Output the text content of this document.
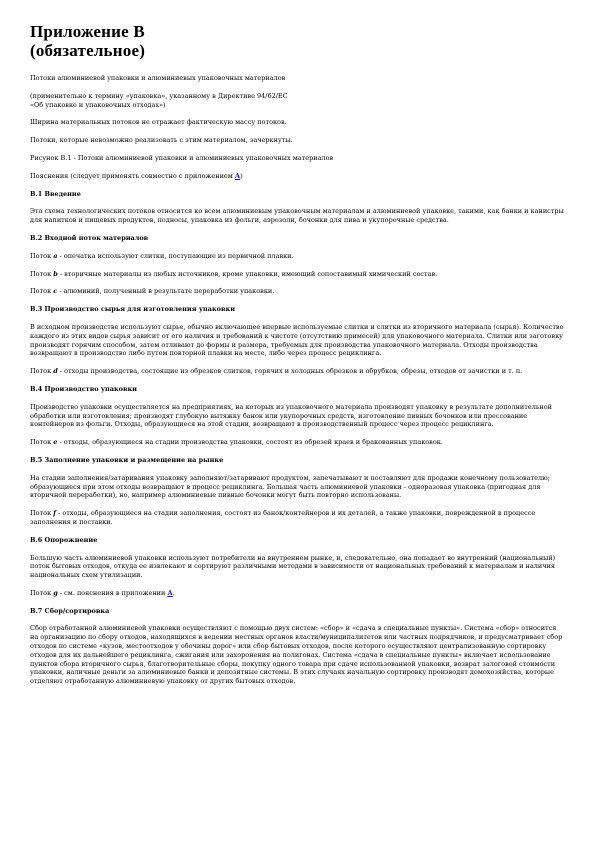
Приложение В
(обязательное)

Потоки алюминиевой упаковки и алюминиевых упаковочных материалов

(применительно к термину «упаковка», указанному в Директиве 94/62/ЕС

«Об упаковке и упаковочных отходах»)

Ширина материальных потоков не отражает фактическую массу потоков.

Потоки, которые невозможно реализовать с этим материалом, зачеркнуты.

Рисунок В.1 - Потоки алюминиевой упаковки и алюминиевых упаковочных материалов

Пояснения (следует применять совместно с приложением А)

В.1 Введение

Эта схема технологических потоков относится ко всем алюминиевым упаковочным материалам и алюминиевой упаковке, такими, как банки и канистры для напитков и пищевых продуктов, подносы, упаковка из фольги, аэрозоли, бочонки для пива и укупорочные средства.

В.2 Входной поток материалов

Поток a - опечатка используют слитки, поступающие из первичной плавки.

Поток b - вторичные материалы из любых источников, кроме упаковки, имеющий сопоставимый химический состав.

Поток c - алюминий, полученный в результате переработки упаковки.

В.3 Производство сырья для изготовления упаковки

В исходном производстве используют сырье, обычно включающее впервые используемые слитки и слитки из вторичного материала (сырья). Количество каждого из этих видов сырья зависит от его наличия и требований к чистоте (отсутствию примесей) для упаковочного материала. Слитки или заготовку производят горячим способом, затем отливают до формы и размера, требуемых для производства упаковочного материала. Отходы производства возвращают в производство либо путем повторной плавки на месте, либо через процесс рециклинга.

Поток d - отходы производства, состоящие из обрезков слитков, горячих и холодных обрезков и обрубков, обрезы, отходов от зачистки и т. п.

В.4 Производство упаковки

Производство упаковки осуществляется на предприятиях, на которых из упаковочного материала производят упаковку в результате дополнительной обработки или изготовления; производят глубокую вытяжку банок или укупорочных средств, изготовление пивных бочонков или прессование контейнеров из фольги. Отходы, образующиеся на этой стадии, возвращают в производственный процесс через процесс рециклинга.

Поток e - отходы, образующиеся на стадии производства упаковки, состоят из обрезей краев и бракованных упаковок.

В.5 Заполнение упаковки и размещение на рынке

На стадии заполнения/затаривания упаковку заполняют/затаривают продуктом, запечатывают и поставляют для продажи конечному пользователю; образующиеся при этом отходы возвращают в процесс рециклинга. Большая часть алюминиевой упаковки - одноразовая упаковка (пригодная для вторичной переработки), но, например алюминиевые пивные бочонки могут быть повторно использованы.

Поток f - отходы, образующиеся на стадии заполнения, состоят из банок/контейнеров и их деталей, а также упаковки, поврежденной в процессе заполнения и поставки.

В.6 Опорожнение

Большую часть алюминиевой упаковки используют потребители на внутреннем рынке, и, следовательно, она попадает во внутренний (национальный) поток бытовых отходов, откуда ее извлекают и сортируют различными методами в зависимости от национальных требований к материалам и наличия национальных схем утилизации.

Поток g - см. пояснения в приложении А.

В.7 Сбор/сортировка

Сбор отработанной алюминиевой упаковки осуществляют с помощью двух систем: «сбор» и «сдача в специальные пункты». Система «сбор» относится на организацию по сбору отходов, находящихся в ведении местных органов власти/муниципалитетов или частных подрядчиков, и предусматривает сбор отходов по системе «кузов, местоотходов у обочины дорог» или сбор бытовых отходов, после которого осуществляют централизованную сортировку отходов для их дальнейшего рециклинга, сжигания или захоронения на полигонах. Система «сдача в специальные пункты» включает использование пунктов сбора вторичного сырья, благотворительные сборы, покупку одного товара при сдаче использованной упаковки, возврат залоговой стоимости упаковки, наличные деньги за алюминиевые банки и депозитные системы. В этих случаях начальную сортировку производят домохозяйства, которые отделяют отработанную алюминиевую упаковку от других бытовых отходов.
